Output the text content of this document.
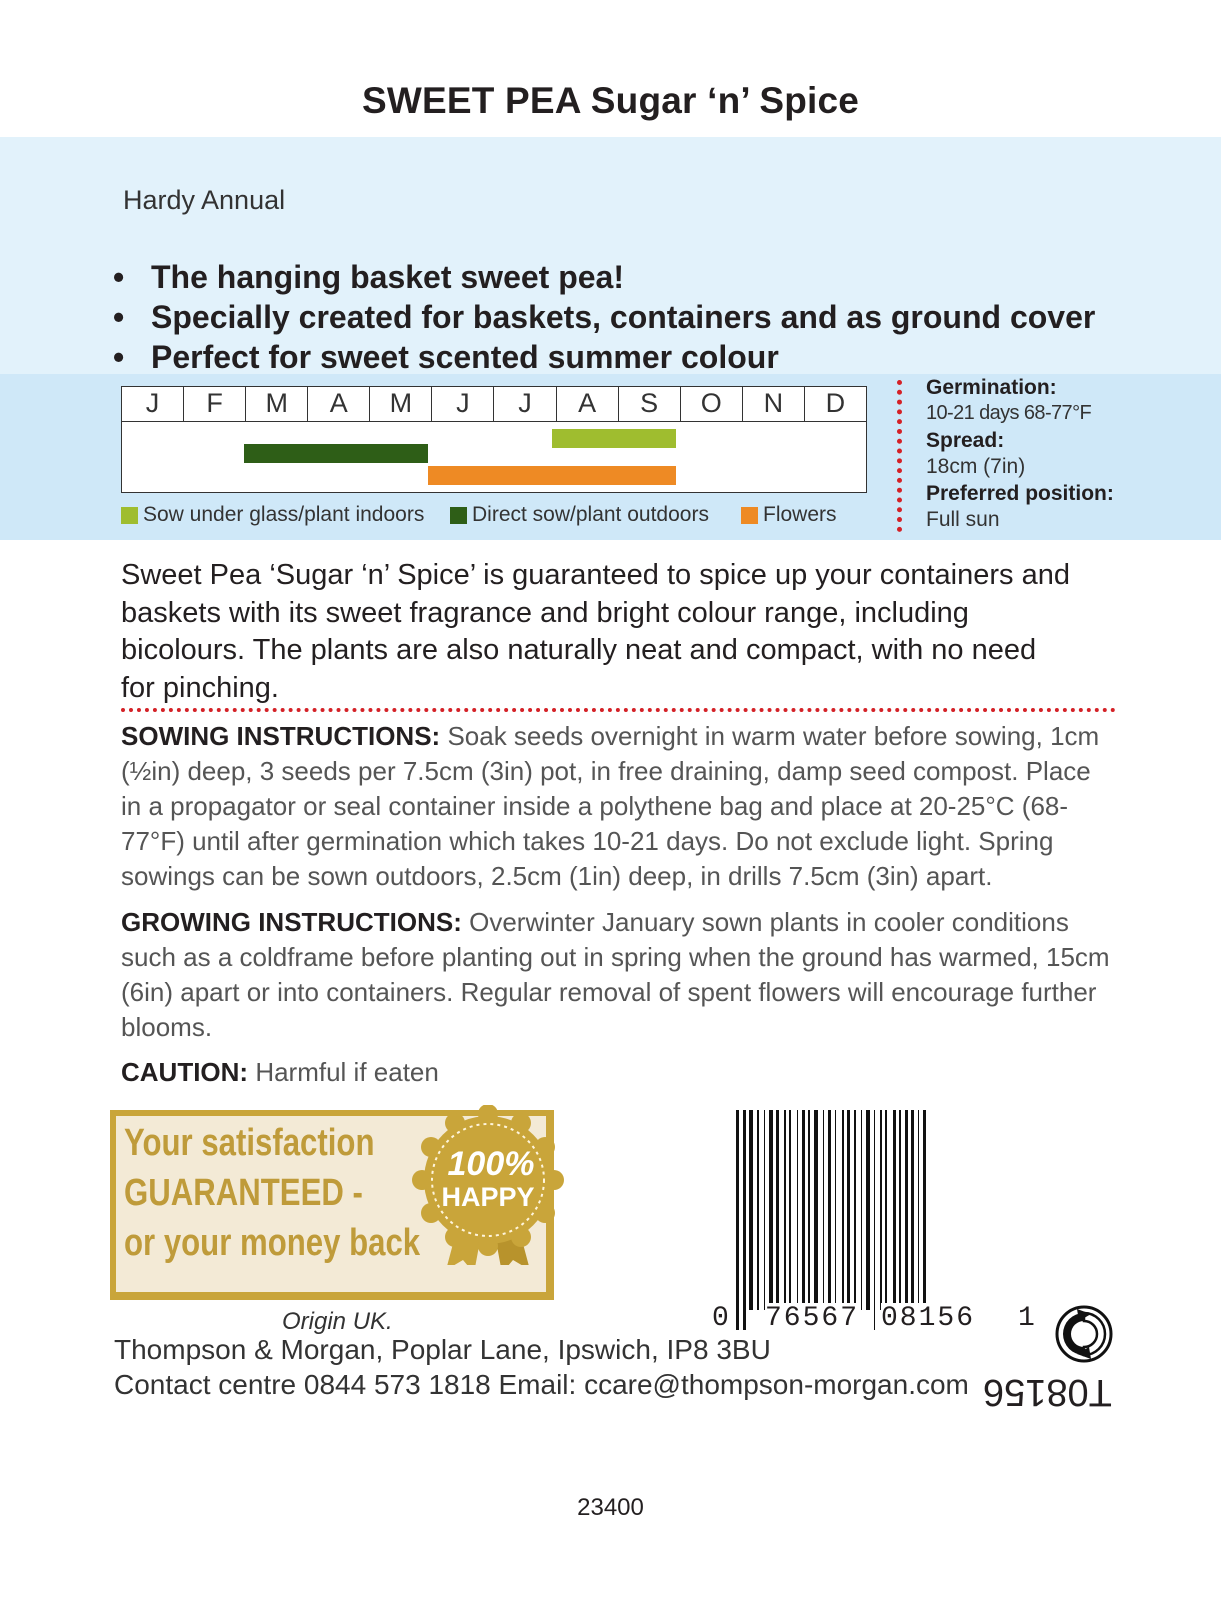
SWEET PEA Sugar ‘n’ Spice
Hardy Annual
• The hanging basket sweet pea!
• Specially created for baskets, containers and as ground cover
• Perfect for sweet scented summer colour
J	F	M	A	M	J	J	A	S	O	N	D
Sow under glass/plant indoors Direct sow/plant outdoors	Flowers
Germination:
10-21 days 68-77°F
Spread:
18cm (7in)
Preferred position:
Full sun
Sweet Pea ‘Sugar ‘n’ Spice’ is guaranteed to spice up your containers and baskets with its sweet fragrance and bright colour range, including bicolours. The plants are also naturally neat and compact, with no need for pinching.
SOWING INSTRUCTIONS: Soak seeds overnight in warm water before sowing, 1cm (½in) deep, 3 seeds per 7.5cm (3in) pot, in free draining, damp seed compost. Place in a propagator or seal container inside a polythene bag and place at 20-25°C (68-77°F) until after germination which takes 10-21 days. Do not exclude light. Spring sowings can be sown outdoors, 2.5cm (1in) deep, in drills 7.5cm (3in) apart.
GROWING INSTRUCTIONS: Overwinter January sown plants in cooler conditions such as a coldframe before planting out in spring when the ground has warmed, 15cm (6in) apart or into containers. Regular removal of spent flowers will encourage further blooms.
CAUTION: Harmful if eaten
Your satisfaction
GUARANTEED -
or your money back
100%
HAPPY
Origin UK.
Thompson & Morgan, Poplar Lane, Ipswich, IP8 3BU
Contact centre 0844 573 1818 Email: ccare@thompson-morgan.com
0 76567 08156 1
T08156
23400
